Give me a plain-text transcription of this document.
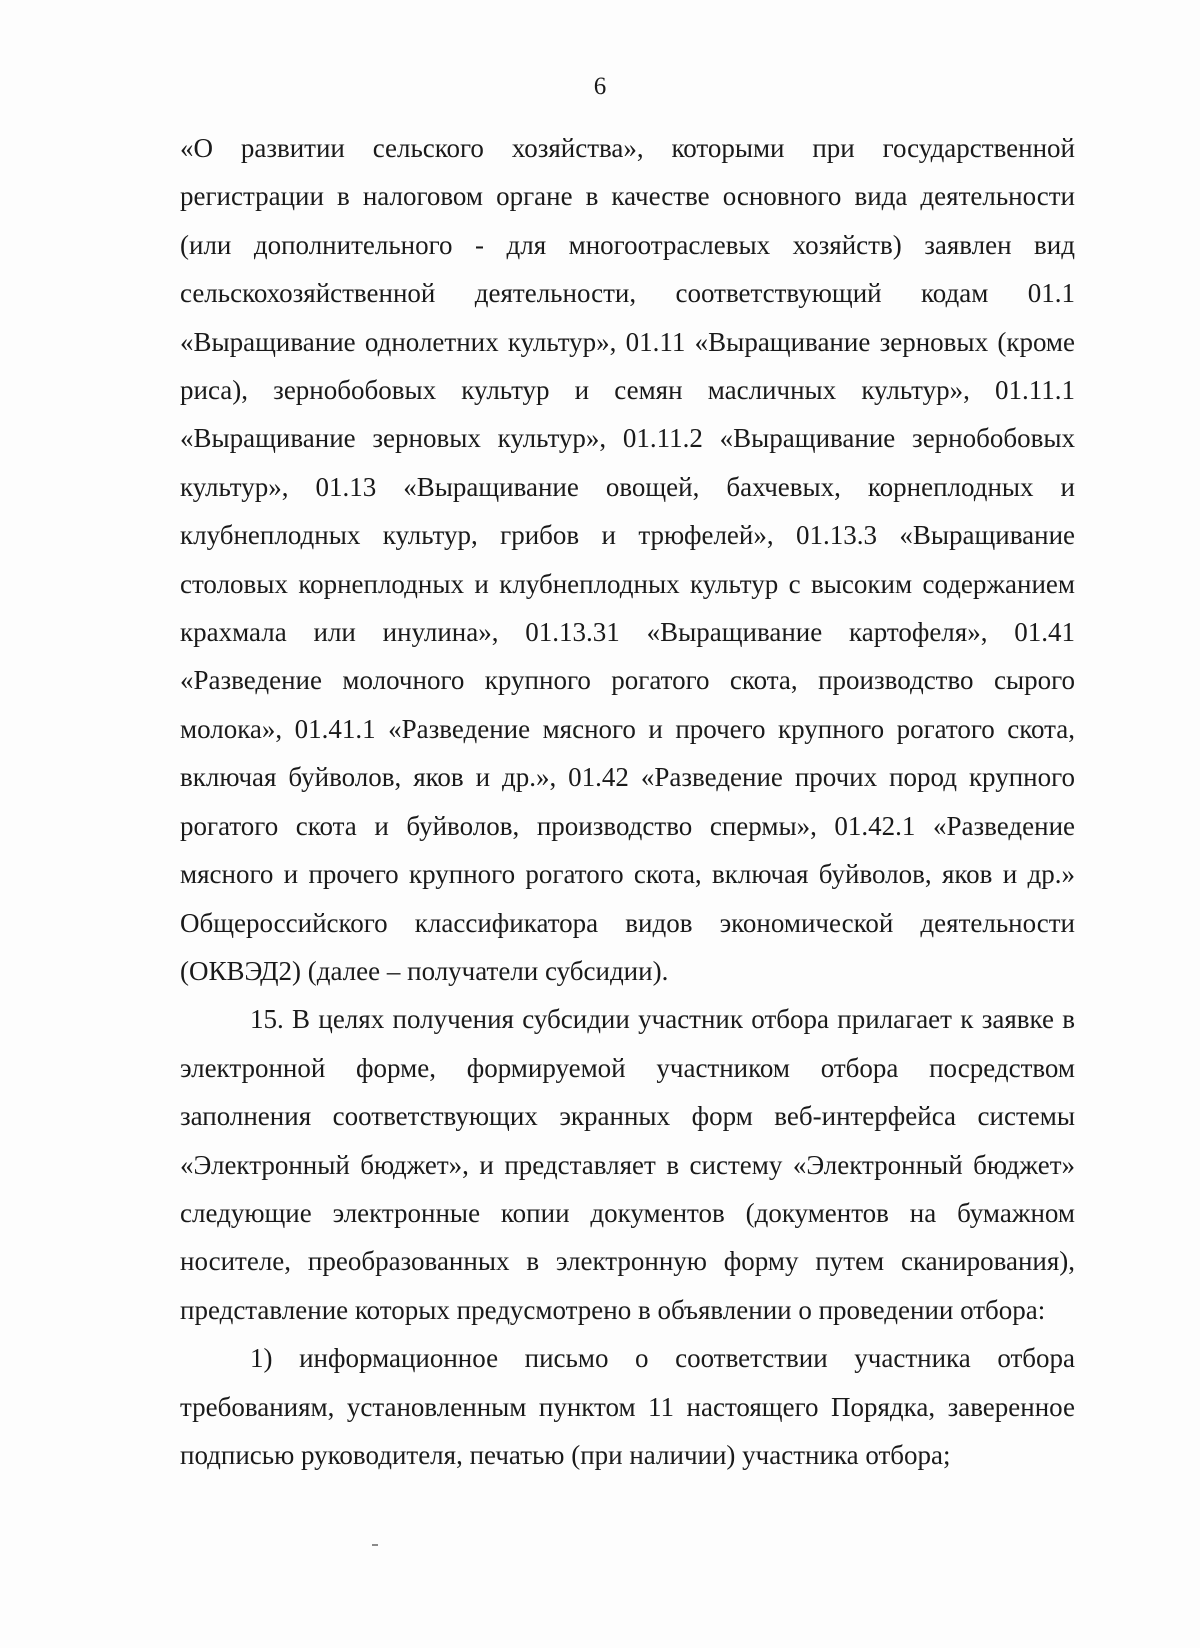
6

«О развитии сельского хозяйства», которыми при государственной регистрации в налоговом органе в качестве основного вида деятельности (или дополнительного - для многоотраслевых хозяйств) заявлен вид сельскохозяйственной деятельности, соответствующий кодам 01.1 «Выращивание однолетних культур», 01.11 «Выращивание зерновых (кроме риса), зернобобовых культур и семян масличных культур», 01.11.1 «Выращивание зерновых культур», 01.11.2 «Выращивание зернобобовых культур», 01.13 «Выращивание овощей, бахчевых, корнеплодных и клубнеплодных культур, грибов и трюфелей», 01.13.3 «Выращивание столовых корнеплодных и клубнеплодных культур с высоким содержанием крахмала или инулина», 01.13.31 «Выращивание картофеля», 01.41 «Разведение молочного крупного рогатого скота, производство сырого молока», 01.41.1 «Разведение мясного и прочего крупного рогатого скота, включая буйволов, яков и др.», 01.42 «Разведение прочих пород крупного рогатого скота и буйволов, производство спермы», 01.42.1 «Разведение мясного и прочего крупного рогатого скота, включая буйволов, яков и др.» Общероссийского классификатора видов экономической деятельности (ОКВЭД2) (далее – получатели субсидии).

15. В целях получения субсидии участник отбора прилагает к заявке в электронной форме, формируемой участником отбора посредством заполнения соответствующих экранных форм веб-интерфейса системы «Электронный бюджет», и представляет в систему «Электронный бюджет» следующие электронные копии документов (документов на бумажном носителе, преобразованных в электронную форму путем сканирования), представление которых предусмотрено в объявлении о проведении отбора:

1) информационное письмо о соответствии участника отбора требованиям, установленным пунктом 11 настоящего Порядка, заверенное подписью руководителя, печатью (при наличии) участника отбора;
